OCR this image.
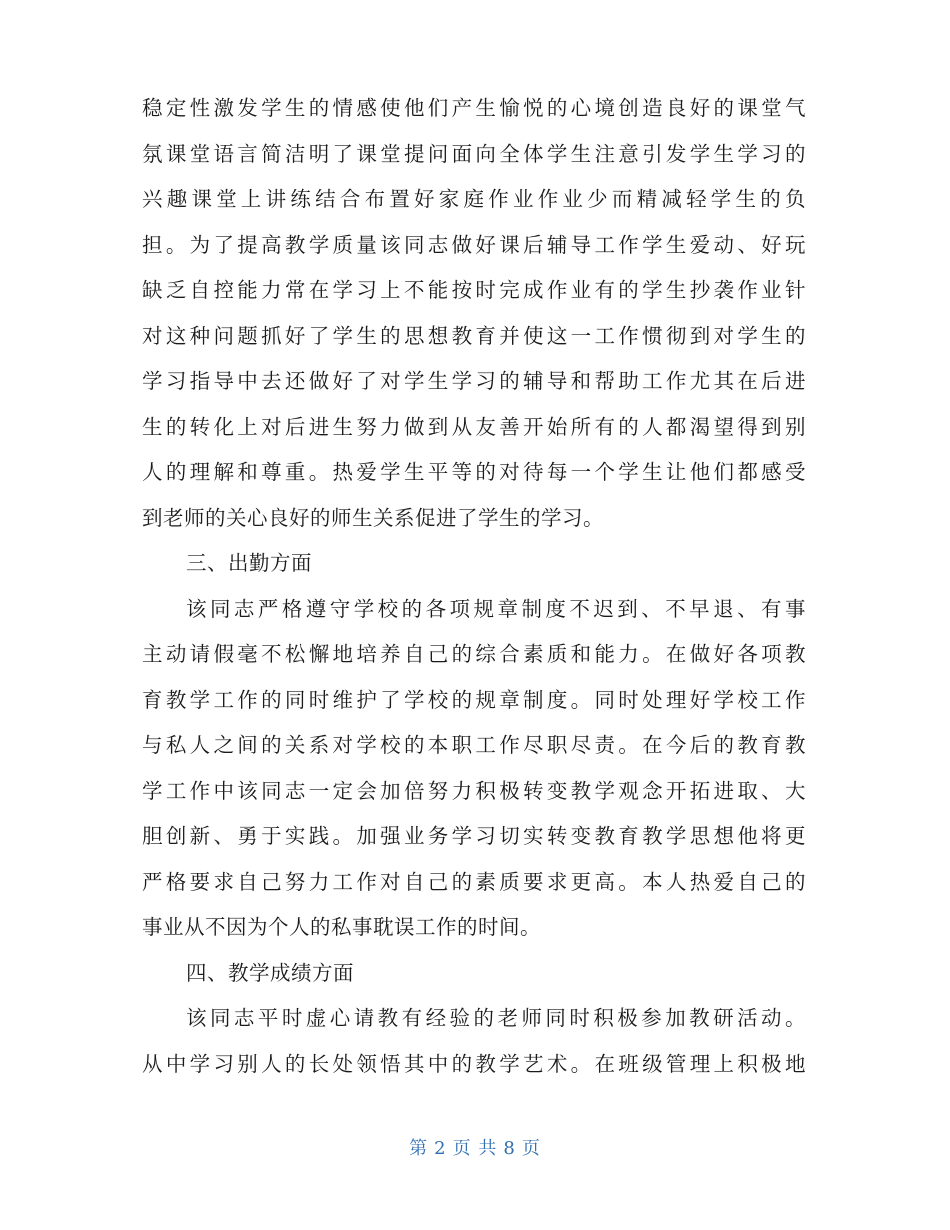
稳定性激发学生的情感使他们产生愉悦的心境创造良好的课堂气
氛课堂语言简洁明了课堂提问面向全体学生注意引发学生学习的
兴趣课堂上讲练结合布置好家庭作业作业少而精减轻学生的负
担。为了提高教学质量该同志做好课后辅导工作学生爱动、好玩
缺乏自控能力常在学习上不能按时完成作业有的学生抄袭作业针
对这种问题抓好了学生的思想教育并使这一工作惯彻到对学生的
学习指导中去还做好了对学生学习的辅导和帮助工作尤其在后进
生的转化上对后进生努力做到从友善开始所有的人都渴望得到别
人的理解和尊重。热爱学生平等的对待每一个学生让他们都感受
到老师的关心良好的师生关系促进了学生的学习。
三、出勤方面
该同志严格遵守学校的各项规章制度不迟到、不早退、有事
主动请假毫不松懈地培养自己的综合素质和能力。在做好各项教
育教学工作的同时维护了学校的规章制度。同时处理好学校工作
与私人之间的关系对学校的本职工作尽职尽责。在今后的教育教
学工作中该同志一定会加倍努力积极转变教学观念开拓进取、大
胆创新、勇于实践。加强业务学习切实转变教育教学思想他将更
严格要求自己努力工作对自己的素质要求更高。本人热爱自己的
事业从不因为个人的私事耽误工作的时间。
四、教学成绩方面
该同志平时虚心请教有经验的老师同时积极参加教研活动。
从中学习别人的长处领悟其中的教学艺术。在班级管理上积极地
第 2 页 共 8 页
